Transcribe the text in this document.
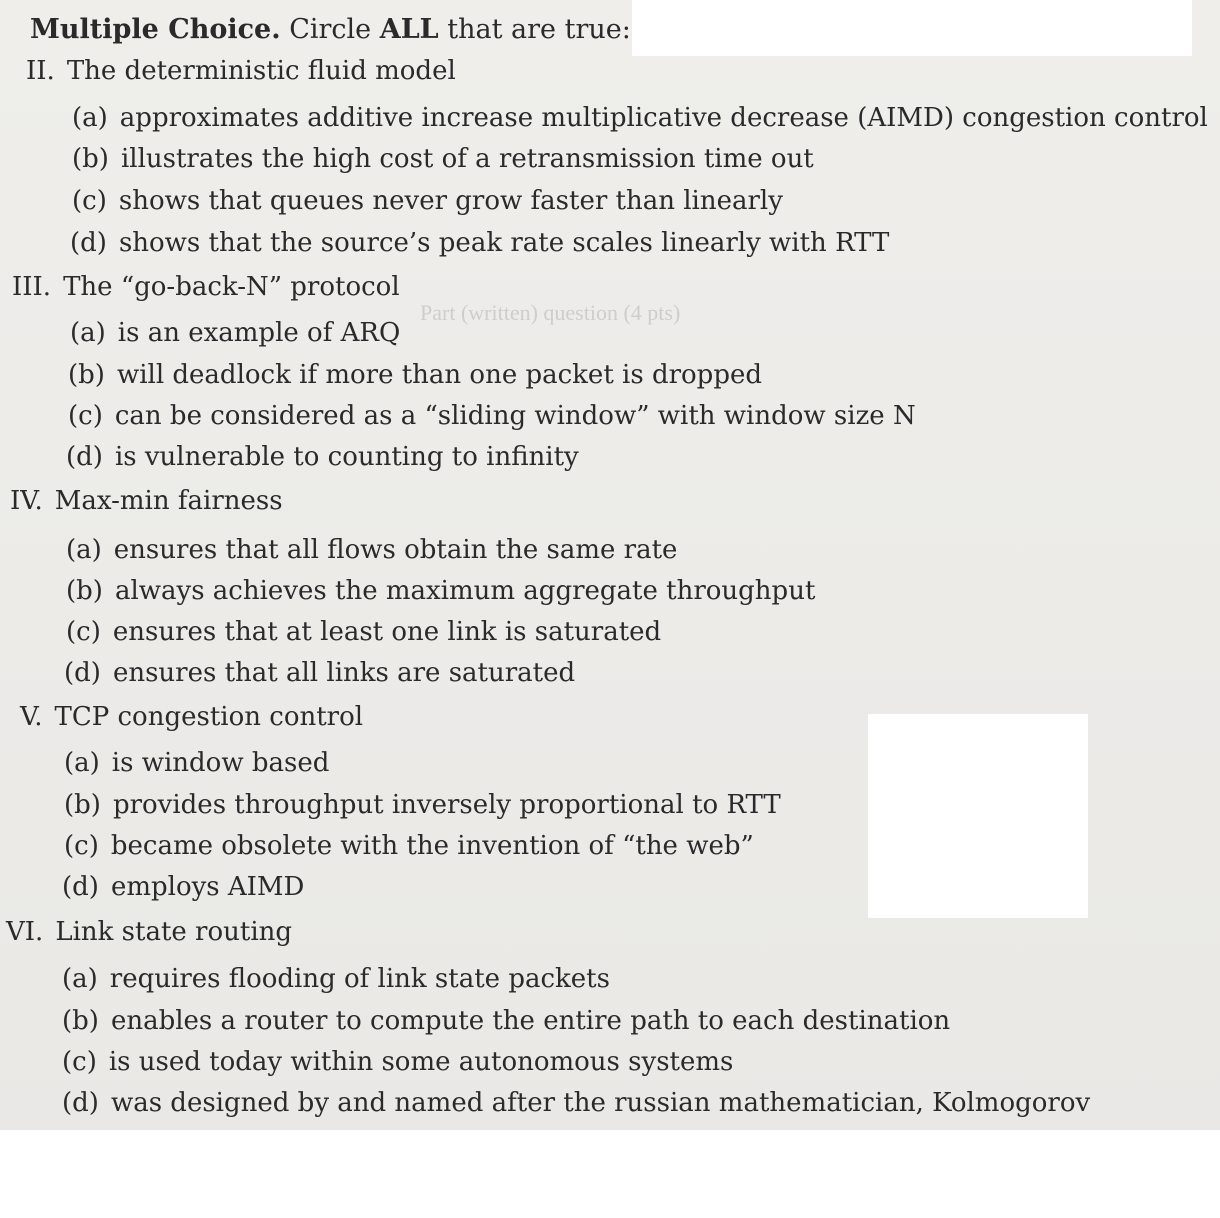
Multiple Choice. Circle ALL that are true:
II. The deterministic fluid model
(a) approximates additive increase multiplicative decrease (AIMD) congestion control
(b) illustrates the high cost of a retransmission time out
(c) shows that queues never grow faster than linearly
(d) shows that the source’s peak rate scales linearly with RTT
III. The “go-back-N” protocol
Part (written) question (4 pts)
(a) is an example of ARQ
(b) will deadlock if more than one packet is dropped
(c) can be considered as a “sliding window” with window size N
(d) is vulnerable to counting to infinity
IV. Max-min fairness
(a) ensures that all flows obtain the same rate
(b) always achieves the maximum aggregate throughput
(c) ensures that at least one link is saturated
(d) ensures that all links are saturated
V. TCP congestion control
(a) is window based
(b) provides throughput inversely proportional to RTT
(c) became obsolete with the invention of “the web”
(d) employs AIMD
VI. Link state routing
(a) requires flooding of link state packets
(b) enables a router to compute the entire path to each destination
(c) is used today within some autonomous systems
(d) was designed by and named after the russian mathematician, Kolmogorov
